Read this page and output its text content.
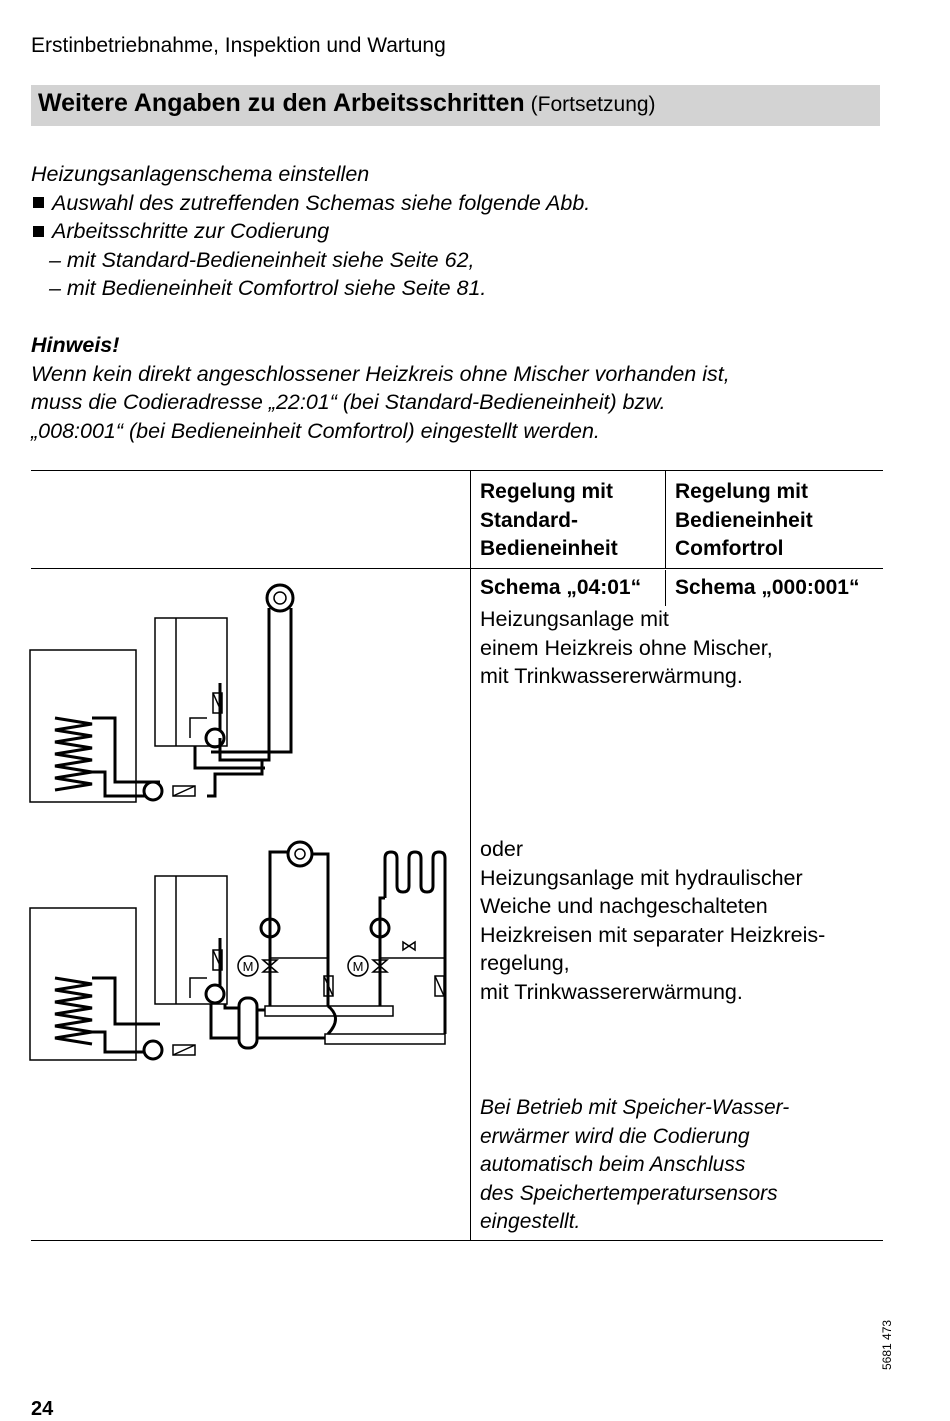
Erstinbetriebnahme, Inspektion und Wartung
Weitere Angaben zu den Arbeitsschritten (Fortsetzung)
Heizungsanlagenschema einstellen
Auswahl des zutreffenden Schemas siehe folgende Abb.
Arbeitsschritte zur Codierung
– mit Standard-Bedieneinheit siehe Seite 62,
– mit Bedieneinheit Comfortrol siehe Seite 81.
Hinweis!
Wenn kein direkt angeschlossener Heizkreis ohne Mischer vorhanden ist,
muss die Codieradresse „22:01“ (bei Standard-Bedieneinheit) bzw.
„008:001“ (bei Bedieneinheit Comfortrol) eingestellt werden.
Regelung mit
Standard-
Bedieneinheit
Regelung mit
Bedieneinheit
Comfortrol
Schema „04:01“ Schema „000:001“
Heizungsanlage mit
einem Heizkreis ohne Mischer,
mit Trinkwassererwärmung.
oder
Heizungsanlage mit hydraulischer
Weiche und nachgeschalteten
Heizkreisen mit separater Heizkreis-
regelung,
mit Trinkwassererwärmung.
Bei Betrieb mit Speicher-Wasser-
erwärmer wird die Codierung
automatisch beim Anschluss
des Speichertemperatursensors
eingestellt.
M	M
5681 473
24
